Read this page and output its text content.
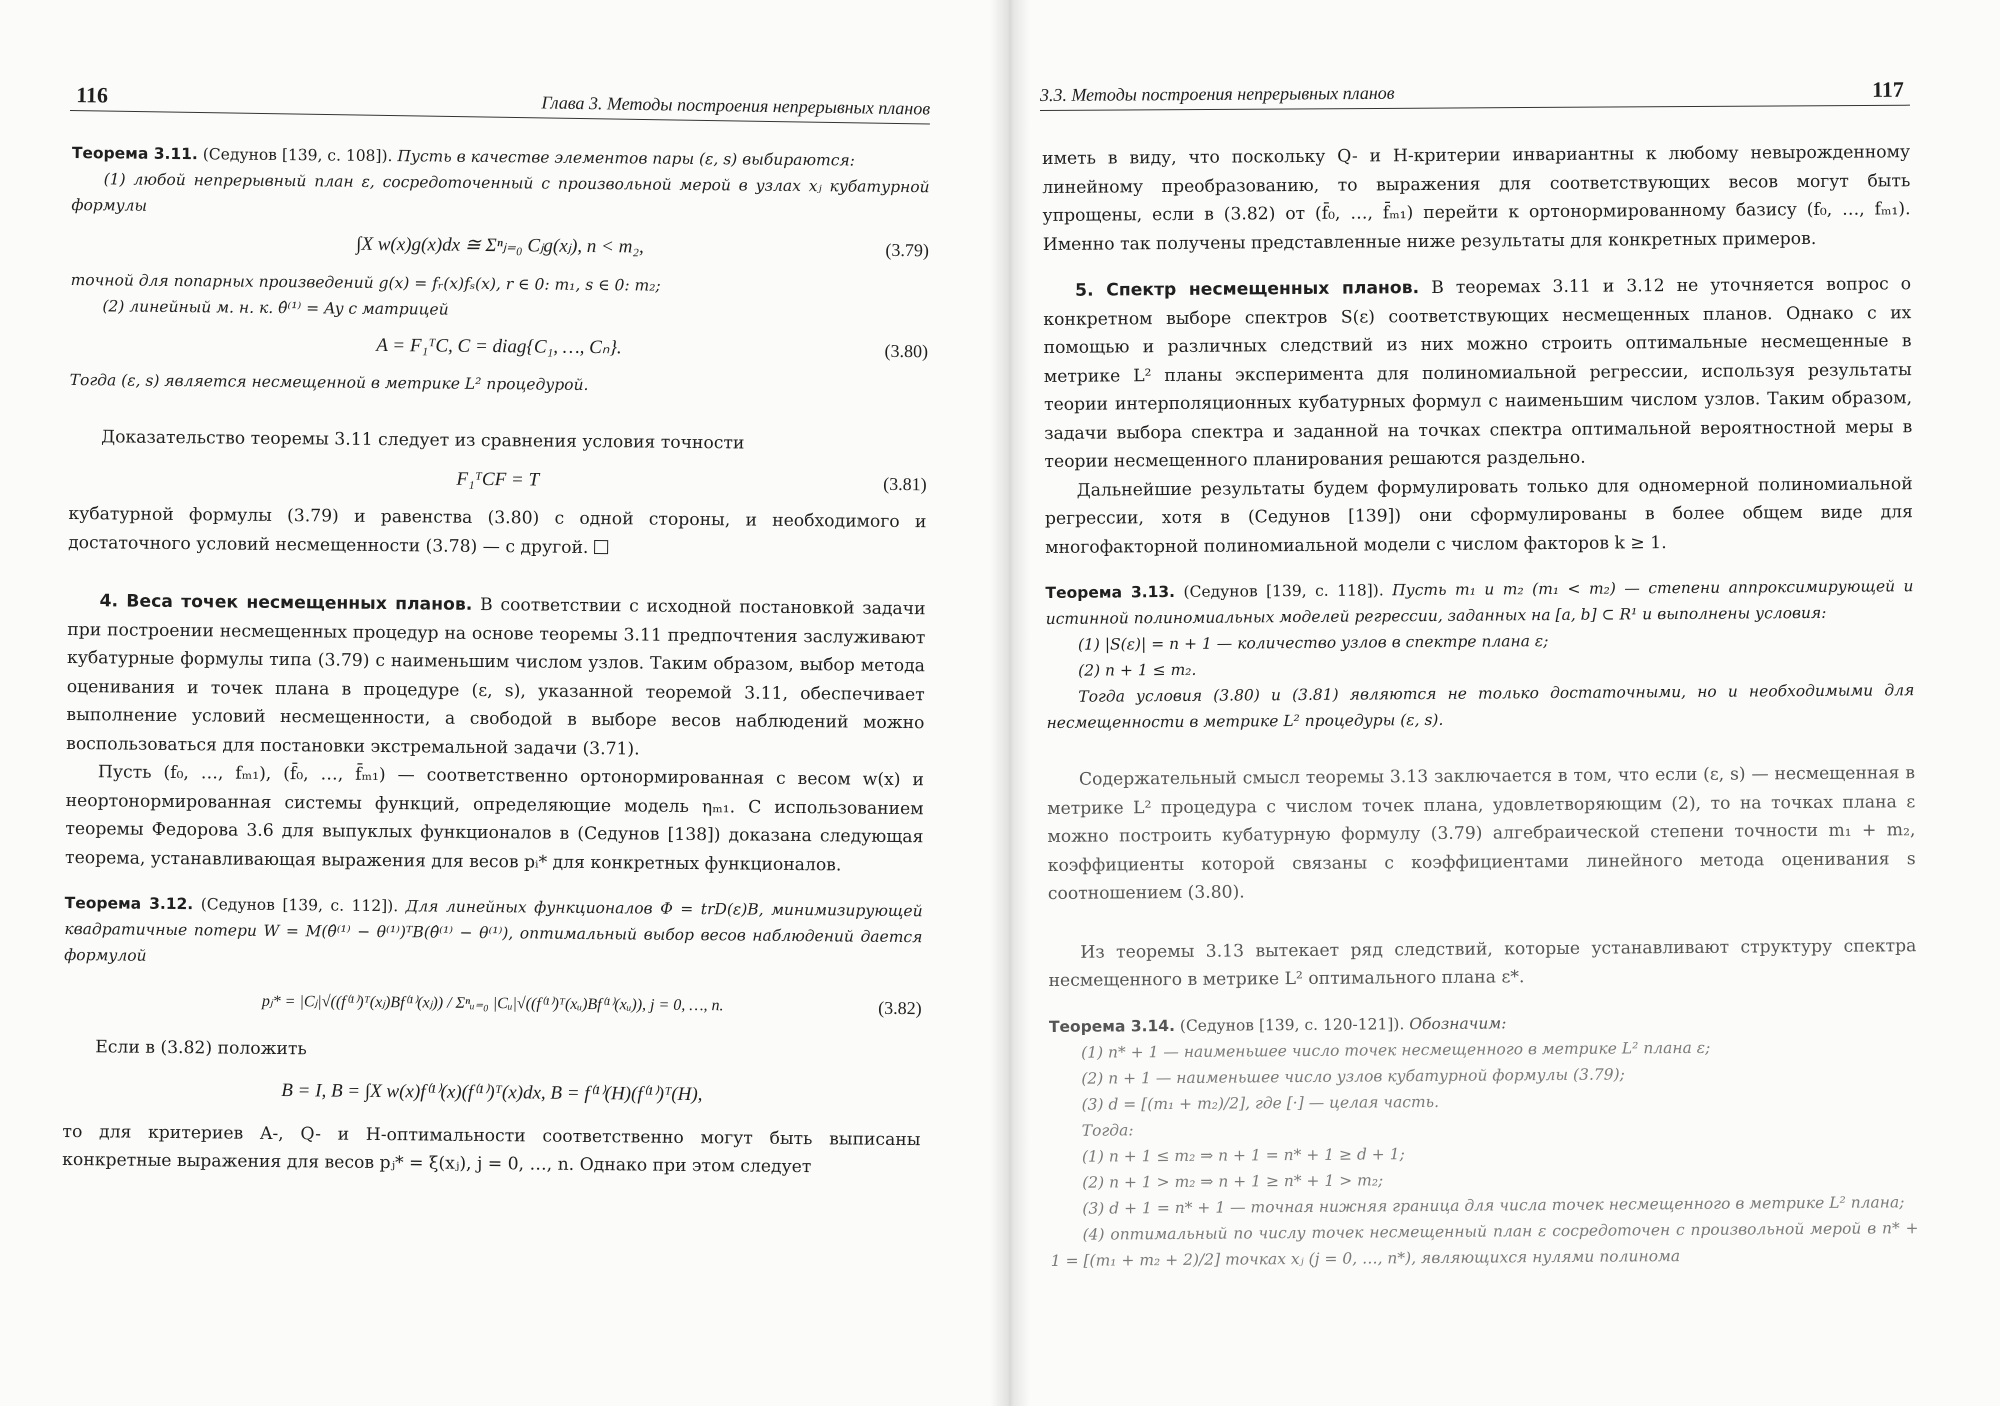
116	Глава 3. Методы построения непрерывных планов

Теорема 3.11. (Седунов [139, с. 108]). Пусть в качестве элементов пары (ε, s) выбираются:

(1) любой непрерывный план ε, сосредоточенный с произвольной мерой в узлах xⱼ кубатурной формулы

∫X w(x)g(x)dx ≅ Σⁿⱼ₌₀ Cⱼg(xⱼ), n < m₂,	(3.79)

точной для попарных произведений g(x) = fᵣ(x)fₛ(x), r ∈ 0: m₁, s ∈ 0: m₂;

(2) линейный м. н. к. θ̂⁽¹⁾ = Ay с матрицей

A = F₁ᵀC, C = diag{C₁, …, Cₙ}.	(3.80)

Тогда (ε, s) является несмещенной в метрике L² процедурой.

Доказательство теоремы 3.11 следует из сравнения условия точности

F₁ᵀCF = T	(3.81)

кубатурной формулы (3.79) и равенства (3.80) с одной стороны, и необходимого и достаточного условий несмещенности (3.78) — с другой.

4. Веса точек несмещенных планов. В соответствии с исходной постановкой задачи при построении несмещенных процедур на основе теоремы 3.11 предпочтения заслуживают кубатурные формулы типа (3.79) с наименьшим числом узлов. Таким образом, выбор метода оценивания и точек плана в процедуре (ε, s), указанной теоремой 3.11, обеспечивает выполнение условий несмещенности, а свободой в выборе весов наблюдений можно воспользоваться для постановки экстремальной задачи (3.71).

Пусть (f₀, …, fₘ₁), (f̄₀, …, f̄ₘ₁) — соответственно ортонормированная с весом w(x) и неортонормированная системы функций, определяющие модель ηₘ₁. С использованием теоремы Федорова 3.6 для выпуклых функционалов в (Седунов [138]) доказана следующая теорема, устанавливающая выражения для весов pᵢ* для конкретных функционалов.

Теорема 3.12. (Седунов [139, с. 112]). Для линейных функционалов Φ = trD(ε)B, минимизирующей квадратичные потери W = M(θ̂⁽¹⁾ − θ⁽¹⁾)ᵀB(θ̂⁽¹⁾ − θ⁽¹⁾), оптимальный выбор весов наблюдений дается формулой

pⱼ* = |Cⱼ|√((f⁽¹⁾)ᵀ(xⱼ)Bf⁽¹⁾(xⱼ)) / Σⁿᵤ₌₀ |Cᵤ|√((f⁽¹⁾)ᵀ(xᵤ)Bf⁽¹⁾(xᵤ)), j = 0, …, n.	(3.82)

Если в (3.82) положить

B = I, B = ∫X w(x)f⁽¹⁾(x)(f⁽¹⁾)ᵀ(x)dx, B = f⁽¹⁾(H)(f⁽¹⁾)ᵀ(H),

то для критериев A-, Q- и H-оптимальности соответственно могут быть выписаны конкретные выражения для весов pⱼ* = ξ(xⱼ), j = 0, …, n. Однако при этом следует

3.3. Методы построения непрерывных планов	117

иметь в виду, что поскольку Q- и H-критерии инвариантны к любому невырожденному линейному преобразованию, то выражения для соответствующих весов могут быть упрощены, если в (3.82) от (f̄₀, …, f̄ₘ₁) перейти к ортонормированному базису (f₀, …, fₘ₁). Именно так получены представленные ниже результаты для конкретных примеров.

5. Спектр несмещенных планов. В теоремах 3.11 и 3.12 не уточняется вопрос о конкретном выборе спектров S(ε) соответствующих несмещенных планов. Однако с их помощью и различных следствий из них можно строить оптимальные несмещенные в метрике L² планы эксперимента для полиномиальной регрессии, используя результаты теории интерполяционных кубатурных формул с наименьшим числом узлов. Таким образом, задачи выбора спектра и заданной на точках спектра оптимальной вероятностной меры в теории несмещенного планирования решаются раздельно.

Дальнейшие результаты будем формулировать только для одномерной полиномиальной регрессии, хотя в (Седунов [139]) они сформулированы в более общем виде для многофакторной полиномиальной модели с числом факторов k ≥ 1.

Теорема 3.13. (Седунов [139, с. 118]). Пусть m₁ и m₂ (m₁ < m₂) — степени аппроксимирующей и истинной полиномиальных моделей регрессии, заданных на [a, b] ⊂ R¹ и выполнены условия:

(1) |S(ε)| = n + 1 — количество узлов в спектре плана ε;

(2) n + 1 ≤ m₂.

Тогда условия (3.80) и (3.81) являются не только достаточными, но и необходимыми для несмещенности в метрике L² процедуры (ε, s).

Содержательный смысл теоремы 3.13 заключается в том, что если (ε, s) — несмещенная в метрике L² процедура с числом точек плана, удовлетворяющим (2), то на точках плана ε можно построить кубатурную формулу (3.79) алгебраической степени точности m₁ + m₂, коэффициенты которой связаны с коэффициентами линейного метода оценивания s соотношением (3.80).

Из теоремы 3.13 вытекает ряд следствий, которые устанавливают структуру спектра несмещенного в метрике L² оптимального плана ε*.

Теорема 3.14. (Седунов [139, с. 120-121]). Обозначим:

(1) n* + 1 — наименьшее число точек несмещенного в метрике L² плана ε;

(2) n + 1 — наименьшее число узлов кубатурной формулы (3.79);

(3) d = [(m₁ + m₂)/2], где [·] — целая часть.

Тогда:

(1) n + 1 ≤ m₂ ⇒ n + 1 = n* + 1 ≥ d + 1;

(2) n + 1 > m₂ ⇒ n + 1 ≥ n* + 1 > m₂;

(3) d + 1 = n* + 1 — точная нижняя граница для числа точек несмещенного в метрике L² плана;

(4) оптимальный по числу точек несмещенный план ε сосредоточен с произвольной мерой в n* + 1 = [(m₁ + m₂ + 2)/2] точках xⱼ (j = 0, …, n*), являющихся нулями полинома
